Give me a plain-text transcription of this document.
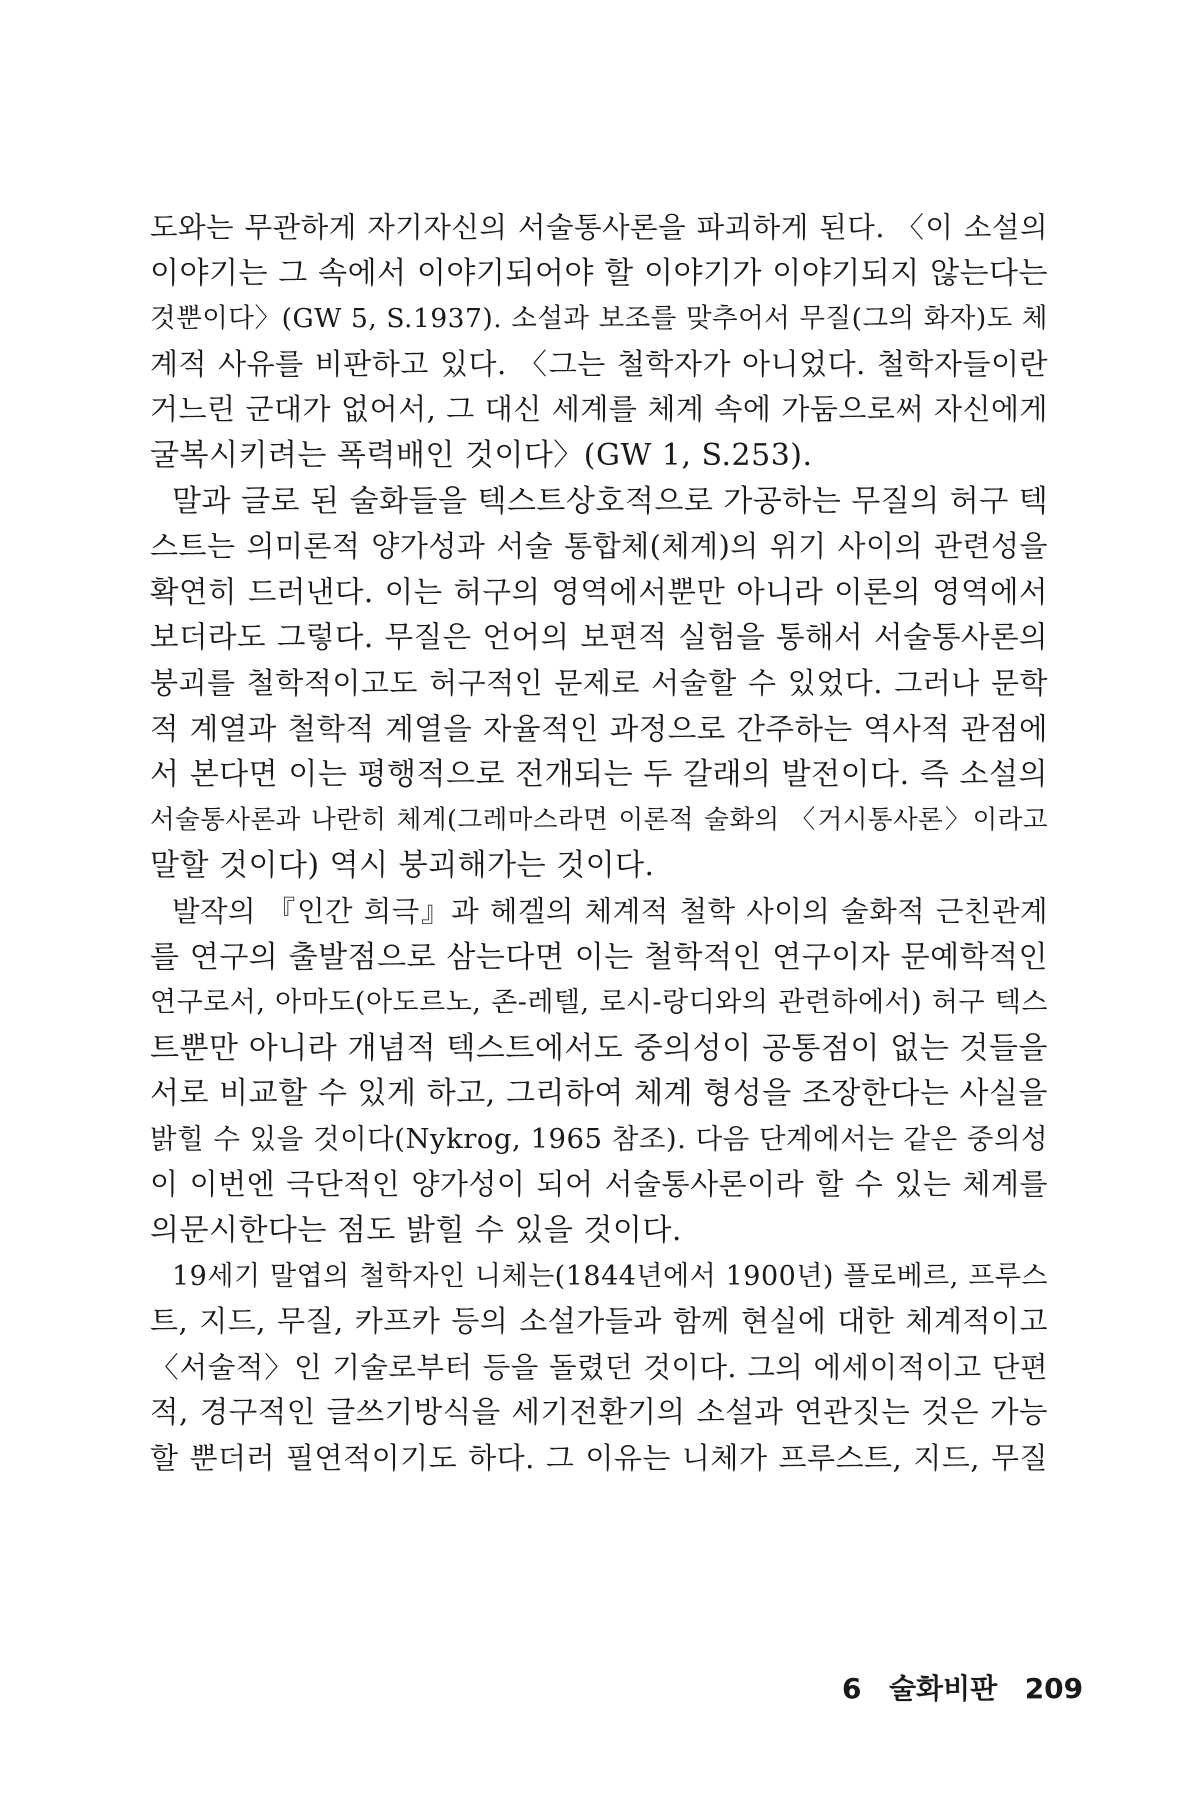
도와는 무관하게 자기자신의 서술통사론을 파괴하게 된다. 〈이 소설의
이야기는 그 속에서 이야기되어야 할 이야기가 이야기되지 않는다는
것뿐이다〉(GW 5, S.1937). 소설과 보조를 맞추어서 무질(그의 화자)도 체
계적 사유를 비판하고 있다. 〈그는 철학자가 아니었다. 철학자들이란
거느린 군대가 없어서, 그 대신 세계를 체계 속에 가둠으로써 자신에게
굴복시키려는 폭력배인 것이다〉(GW 1, S.253).

말과 글로 된 술화들을 텍스트상호적으로 가공하는 무질의 허구 텍
스트는 의미론적 양가성과 서술 통합체(체계)의 위기 사이의 관련성을
확연히 드러낸다. 이는 허구의 영역에서뿐만 아니라 이론의 영역에서
보더라도 그렇다. 무질은 언어의 보편적 실험을 통해서 서술통사론의
붕괴를 철학적이고도 허구적인 문제로 서술할 수 있었다. 그러나 문학
적 계열과 철학적 계열을 자율적인 과정으로 간주하는 역사적 관점에
서 본다면 이는 평행적으로 전개되는 두 갈래의 발전이다. 즉 소설의
서술통사론과 나란히 체계(그레마스라면 이론적 술화의 〈거시통사론〉이라고
말할 것이다) 역시 붕괴해가는 것이다.

발작의 『인간 희극』과 헤겔의 체계적 철학 사이의 술화적 근친관계
를 연구의 출발점으로 삼는다면 이는 철학적인 연구이자 문예학적인
연구로서, 아마도(아도르노, 존-레텔, 로시-랑디와의 관련하에서) 허구 텍스
트뿐만 아니라 개념적 텍스트에서도 중의성이 공통점이 없는 것들을
서로 비교할 수 있게 하고, 그리하여 체계 형성을 조장한다는 사실을
밝힐 수 있을 것이다(Nykrog, 1965 참조). 다음 단계에서는 같은 중의성
이 이번엔 극단적인 양가성이 되어 서술통사론이라 할 수 있는 체계를
의문시한다는 점도 밝힐 수 있을 것이다.

19세기 말엽의 철학자인 니체는(1844년에서 1900년) 플로베르, 프루스
트, 지드, 무질, 카프카 등의 소설가들과 함께 현실에 대한 체계적이고
〈서술적〉인 기술로부터 등을 돌렸던 것이다. 그의 에세이적이고 단편
적, 경구적인 글쓰기방식을 세기전환기의 소설과 연관짓는 것은 가능
할 뿐더러 필연적이기도 하다. 그 이유는 니체가 프루스트, 지드, 무질

6 술화비판 209
